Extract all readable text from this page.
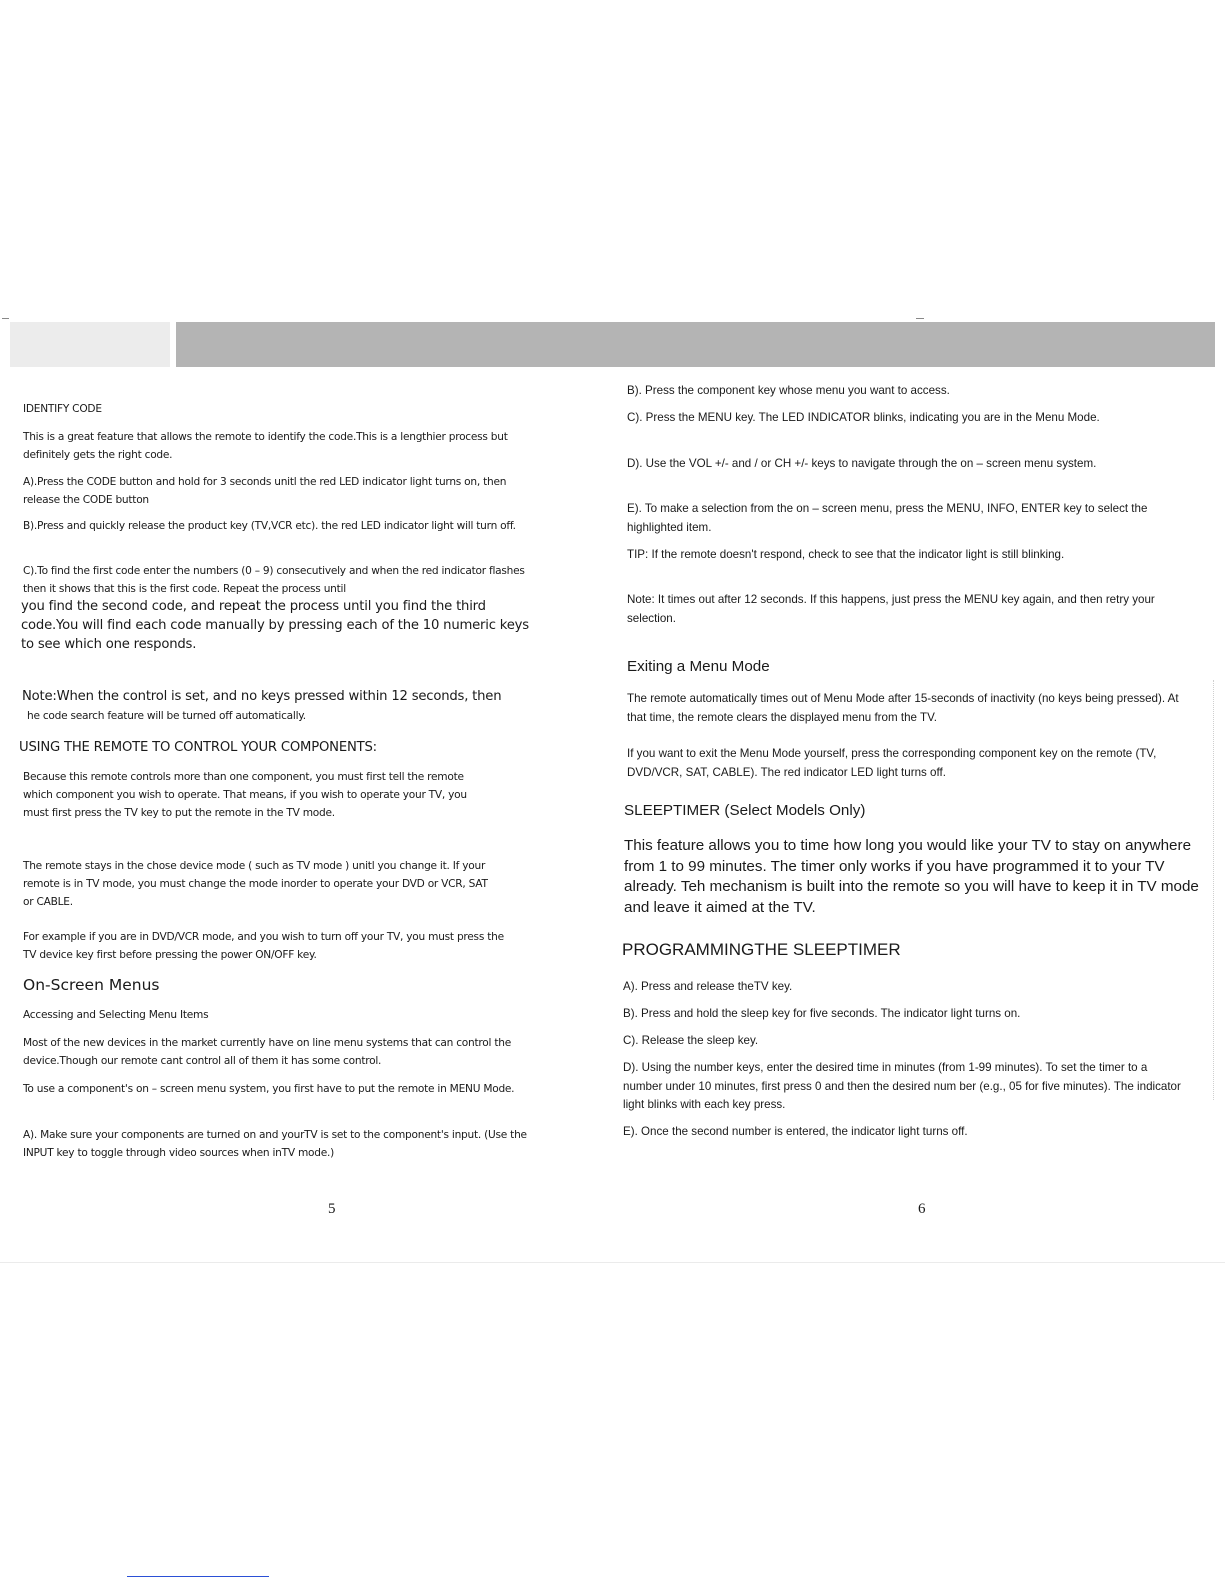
IDENTIFY CODE
This is a great feature that allows the remote to identify the code.This is a lengthier process but definitely gets the right code.
A).Press the CODE button and hold for 3 seconds unitl the red LED indicator light turns on, then release the CODE button
B).Press and quickly release the product key (TV,VCR etc). the red LED indicator light will turn off.
C).To find the first code enter the numbers (0 – 9) consecutively and when the red indicator flashes then it shows that this is the first code. Repeat the process until
you find the second code, and repeat the process until you find the third code.You will find each code manually by pressing each of the 10 numeric keys to see which one responds.
Note:When the control is set, and no keys pressed within 12 seconds, then
he code search feature will be turned off automatically.
USING THE REMOTE TO CONTROL YOUR COMPONENTS:
Because this remote controls more than one component, you must first tell the remote which component you wish to operate. That means, if you wish to operate your TV, you must first press the TV key to put the remote in the TV mode.
The remote stays in the chose device mode ( such as TV mode ) unitl you change it. If your remote is in TV mode, you must change the mode inorder to operate your DVD or VCR, SAT or CABLE.
For example if you are in DVD/VCR mode, and you wish to turn off your TV, you must press the TV device key first before pressing the power ON/OFF key.
On-Screen Menus
Accessing and Selecting Menu Items
Most of the new devices in the market currently have on line menu systems that can control the device.Though our remote cant control all of them it has some control.
To use a component's on – screen menu system, you first have to put the remote in MENU Mode.
A). Make sure your components are turned on and yourTV is set to the component's input. (Use the INPUT key to toggle through video sources when inTV mode.)
5
B). Press the component key whose menu you want to access.
C). Press the MENU key. The LED INDICATOR blinks, indicating you are in the Menu Mode.
D). Use the VOL +/- and / or CH +/- keys to navigate through the on – screen menu system.
E). To make a selection from the on – screen menu, press the MENU, INFO, ENTER key to select the highlighted item.
TIP: If the remote doesn't respond, check to see that the indicator light is still blinking.
Note: It times out after 12 seconds. If this happens, just press the MENU key again, and then retry your selection.
Exiting a Menu Mode
The remote automatically times out of Menu Mode after 15-seconds of inactivity (no keys being pressed). At that time, the remote clears the displayed menu from the TV.
If you want to exit the Menu Mode yourself, press the corresponding component key on the remote (TV, DVD/VCR, SAT, CABLE). The red indicator LED light turns off.
SLEEPTIMER (Select Models Only)
This feature allows you to time how long you would like your TV to stay on anywhere from 1 to 99 minutes. The timer only works if you have programmed it to your TV already. Teh mechanism is built into the remote so you will have to keep it in TV mode and leave it aimed at the TV.
PROGRAMMINGTHE SLEEPTIMER
A). Press and release theTV key.
B). Press and hold the sleep key for five seconds. The indicator light turns on.
C). Release the sleep key.
D). Using the number keys, enter the desired time in minutes (from 1-99 minutes). To set the timer to a number under 10 minutes, first press 0 and then the desired num ber (e.g., 05 for five minutes). The indicator light blinks with each key press.
E). Once the second number is entered, the indicator light turns off.
6
